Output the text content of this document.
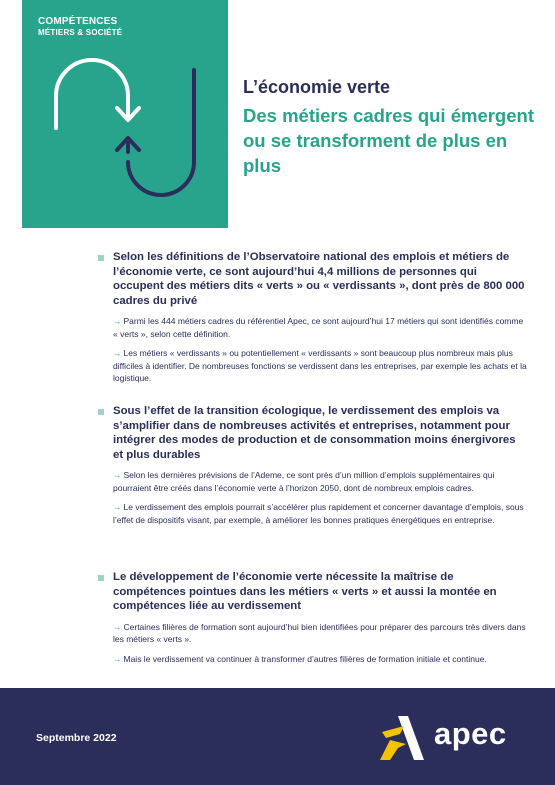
COMPÉTENCES
MÉTIERS & SOCIÉTÉ
L’économie verte
Des métiers cadres qui émergent ou se transforment de plus en plus
Selon les définitions de l’Observatoire national des emplois et métiers de l’économie verte, ce sont aujourd’hui 4,4 millions de personnes qui occupent des métiers dits « verts » ou « verdissants », dont près de 800 000 cadres du privé
→ Parmi les 444 métiers cadres du référentiel Apec, ce sont aujourd’hui 17 métiers qui sont identifiés comme « verts », selon cette définition.
→ Les métiers « verdissants » ou potentiellement « verdissants » sont beaucoup plus nombreux mais plus difficiles à identifier. De nombreuses fonctions se verdissent dans les entreprises, par exemple les achats et la logistique.
Sous l’effet de la transition écologique, le verdissement des emplois va s’amplifier dans de nombreuses activités et entreprises, notamment pour intégrer des modes de production et de consommation moins énergivores et plus durables
→ Selon les dernières prévisions de l’Ademe, ce sont près d’un million d’emplois supplémentaires qui pourraient être créés dans l’économie verte à l’horizon 2050, dont de nombreux emplois cadres.
→ Le verdissement des emplois pourrait s’accélérer plus rapidement et concerner davantage d’emplois, sous l’effet de dispositifs visant, par exemple, à améliorer les bonnes pratiques énergétiques en entreprise.
Le développement de l’économie verte nécessite la maîtrise de compétences pointues dans les métiers « verts » et aussi la montée en compétences liée au verdissement
→ Certaines filières de formation sont aujourd’hui bien identifiées pour préparer des parcours très divers dans les métiers « verts ».
→ Mais le verdissement va continuer à transformer d’autres filières de formation initiale et continue.
Septembre 2022	apec
